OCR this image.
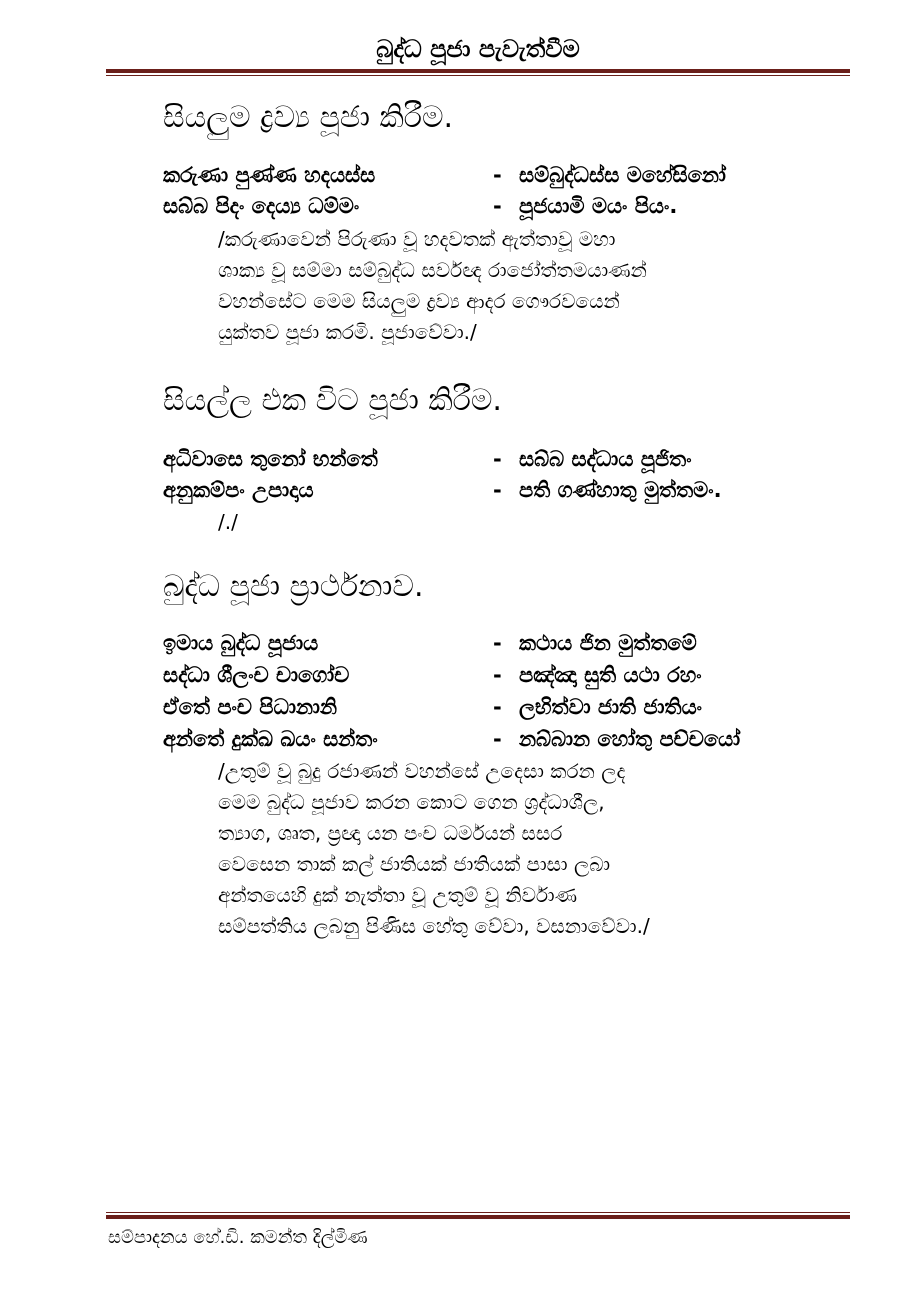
බුද්ධ පූජා පැවැත්වීම
සියලුම ද්‍රව්‍ය පූජා කිරීම.
කරුණා පුණ්ණ හදයස්ස	- සම්බුද්ධස්ස මහේසිනෝ
සබ්බ පිදං දෙය්‍ය ධම්මං	- පූජයාමි මයං පියං.

/කරුණාවෙන් පිරුණා වූ හදවතක් ඇත්තාවූ මහා

ශාක්‍ය වූ සම්මා සම්බුද්ධ සර්වඥ රාජෝත්තමයාණන්

වහන්සේට මෙම සියලුම ද්‍රව්‍ය ආදර ගෞරවයෙන්

යුක්තව පූජා කරමි. පූජාවේවා./

සියල්ල එක විට පූජා කිරීම.
අධිවාසෙ තුනෝ භන්තේ	- සබ්බ සද්ධාය පූජිතං
අනුකම්පං උපාදාය	- පති ගණ්හාතු මුත්තමං.

/./

බුද්ධ පූජා ප්‍රාර්ථනාව.
ඉමාය බුද්ධ පූජාය	- කථාය ජින මුත්තමේ
සද්ධා ශීලංච චාගෝච	- පඤ්ඤා සුති යථා රහං
ඒතේ පංච පිධානානි	- ලභිත්වා ජාති ජාතියං
අන්තේ දුක්ඛ ඛයං සන්තං	- නබ්බාන හෝතු පච්චයෝ

/උතුම් වූ බුදු රජාණන් වහන්සේ උදෙසා කරන ලද

මෙම බුද්ධ පූජාව කරන කොට ගෙන ශ්‍රද්ධාශීල,

ත්‍යාග, ශෘත, ප්‍රඥා යන පංච ධර්මයන් සසර

වෙසෙන තාක් කල් ජාතියක් ජාතියක් පාසා ලබා

අන්තයෙහි දුක් නැත්තා වූ උතුම් වූ නිර්වාණ

සම්පත්තිය ලබනු පිණිස හේතු වේවා, වසනාවේවා./

සම්පාදනය හේ.ඩි. කමන්ත දිල්මිණ
